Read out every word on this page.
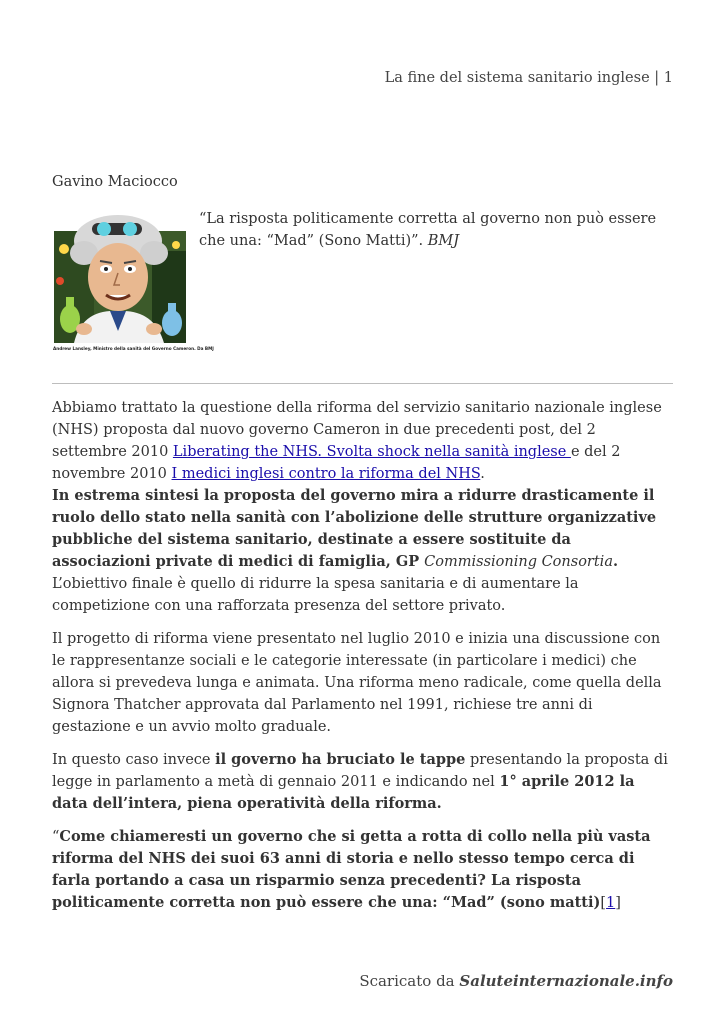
La fine del sistema sanitario inglese | 1
Gavino Maciocco
Andrew Lansley, Ministro della sanità del Governo Cameron. Da BMJ
“La risposta politicamente corretta al governo non può essere che una: “Mad” (Sono Matti)”. BMJ

Abbiamo trattato la questione della riforma del servizio sanitario nazionale inglese (NHS) proposta dal nuovo governo Cameron in due precedenti post, del 2 settembre 2010 Liberating the NHS. Svolta shock nella sanità inglese e del 2 novembre 2010 I medici inglesi contro la riforma del NHS.
In estrema sintesi la proposta del governo mira a ridurre drasticamente il ruolo dello stato nella sanità con l’abolizione delle strutture organizzative pubbliche del sistema sanitario, destinate a essere sostituite da associazioni private di medici di famiglia, GP Commissioning Consortia. L’obiettivo finale è quello di ridurre la spesa sanitaria e di aumentare la competizione con una rafforzata presenza del settore privato.

Il progetto di riforma viene presentato nel luglio 2010 e inizia una discussione con le rappresentanze sociali e le categorie interessate (in particolare i medici) che allora si prevedeva lunga e animata. Una riforma meno radicale, come quella della Signora Thatcher approvata dal Parlamento nel 1991, richiese tre anni di gestazione e un avvio molto graduale.

In questo caso invece il governo ha bruciato le tappe presentando la proposta di legge in parlamento a metà di gennaio 2011 e indicando nel 1° aprile 2012 la data dell’intera, piena operatività della riforma.

“Come chiameresti un governo che si getta a rotta di collo nella più vasta riforma del NHS dei suoi 63 anni di storia e nello stesso tempo cerca di farla portando a casa un risparmio senza precedenti? La risposta politicamente corretta non può essere che una: “Mad” (sono matti)[1]

Scaricato da Saluteinternazionale.info
